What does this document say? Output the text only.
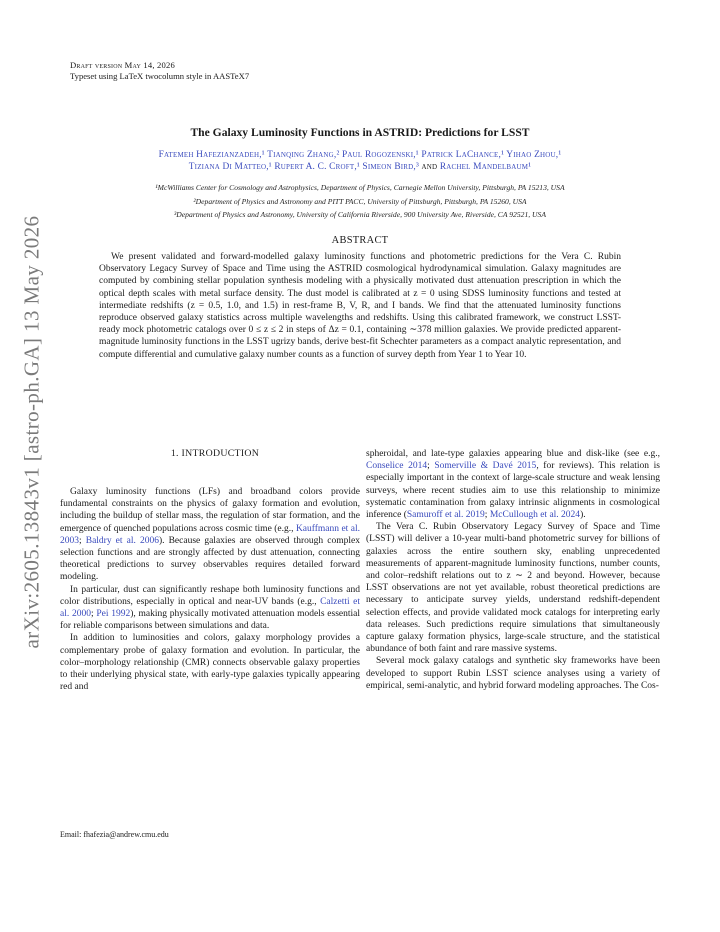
Draft version May 14, 2026
Typeset using LaTeX twocolumn style in AASTeX7
arXiv:2605.13843v1 [astro-ph.GA] 13 May 2026
The Galaxy Luminosity Functions in ASTRID: Predictions for LSST
Fatemeh Hafezianzadeh,¹ Tianqing Zhang,² Paul Rogozenski,¹ Patrick LaChance,¹ Yihao Zhou,¹
Tiziana Di Matteo,¹ Rupert A. C. Croft,¹ Simeon Bird,³ and Rachel Mandelbaum¹
¹McWilliams Center for Cosmology and Astrophysics, Department of Physics, Carnegie Mellon University, Pittsburgh, PA 15213, USA
²Department of Physics and Astronomy and PITT PACC, University of Pittsburgh, Pittsburgh, PA 15260, USA
³Department of Physics and Astronomy, University of California Riverside, 900 University Ave, Riverside, CA 92521, USA
ABSTRACT

We present validated and forward-modelled galaxy luminosity functions and photometric predictions for the Vera C. Rubin Observatory Legacy Survey of Space and Time using the ASTRID cosmological hydrodynamical simulation. Galaxy magnitudes are computed by combining stellar population synthesis modeling with a physically motivated dust attenuation prescription in which the optical depth scales with metal surface density. The dust model is calibrated at z = 0 using SDSS luminosity functions and tested at intermediate redshifts (z = 0.5, 1.0, and 1.5) in rest-frame B, V, R, and I bands. We find that the attenuated luminosity functions reproduce observed galaxy statistics across multiple wavelengths and redshifts. Using this calibrated framework, we construct LSST-ready mock photometric catalogs over 0 ≤ z ≤ 2 in steps of Δz = 0.1, containing ∼378 million galaxies. We provide predicted apparent-magnitude luminosity functions in the LSST ugrizy bands, derive best-fit Schechter parameters as a compact analytic representation, and compute differential and cumulative galaxy number counts as a function of survey depth from Year 1 to Year 10.

1. INTRODUCTION

Galaxy luminosity functions (LFs) and broadband colors provide fundamental constraints on the physics of galaxy formation and evolution, including the buildup of stellar mass, the regulation of star formation, and the emergence of quenched populations across cosmic time (e.g., Kauffmann et al. 2003; Baldry et al. 2006). Because galaxies are observed through complex selection functions and are strongly affected by dust attenuation, connecting theoretical predictions to survey observables requires detailed forward modeling.

In particular, dust can significantly reshape both luminosity functions and color distributions, especially in optical and near-UV bands (e.g., Calzetti et al. 2000; Pei 1992), making physically motivated attenuation models essential for reliable comparisons between simulations and data.

In addition to luminosities and colors, galaxy morphology provides a complementary probe of galaxy formation and evolution. In particular, the color–morphology relationship (CMR) connects observable galaxy properties to their underlying physical state, with early-type galaxies typically appearing red and

spheroidal, and late-type galaxies appearing blue and disk-like (see e.g., Conselice 2014; Somerville & Davé 2015, for reviews). This relation is especially important in the context of large-scale structure and weak lensing surveys, where recent studies aim to use this relationship to minimize systematic contamination from galaxy intrinsic alignments in cosmological inference (Samuroff et al. 2019; McCullough et al. 2024).

The Vera C. Rubin Observatory Legacy Survey of Space and Time (LSST) will deliver a 10-year multi-band photometric survey for billions of galaxies across the entire southern sky, enabling unprecedented measurements of apparent-magnitude luminosity functions, number counts, and color–redshift relations out to z ∼ 2 and beyond. However, because LSST observations are not yet available, robust theoretical predictions are necessary to anticipate survey yields, understand redshift-dependent selection effects, and provide validated mock catalogs for interpreting early data releases. Such predictions require simulations that simultaneously capture galaxy formation physics, large-scale structure, and the statistical abundance of both faint and rare massive systems.

Several mock galaxy catalogs and synthetic sky frameworks have been developed to support Rubin LSST science analyses using a variety of empirical, semi-analytic, and hybrid forward modeling approaches. The Cos-

Email: fhafezia@andrew.cmu.edu
